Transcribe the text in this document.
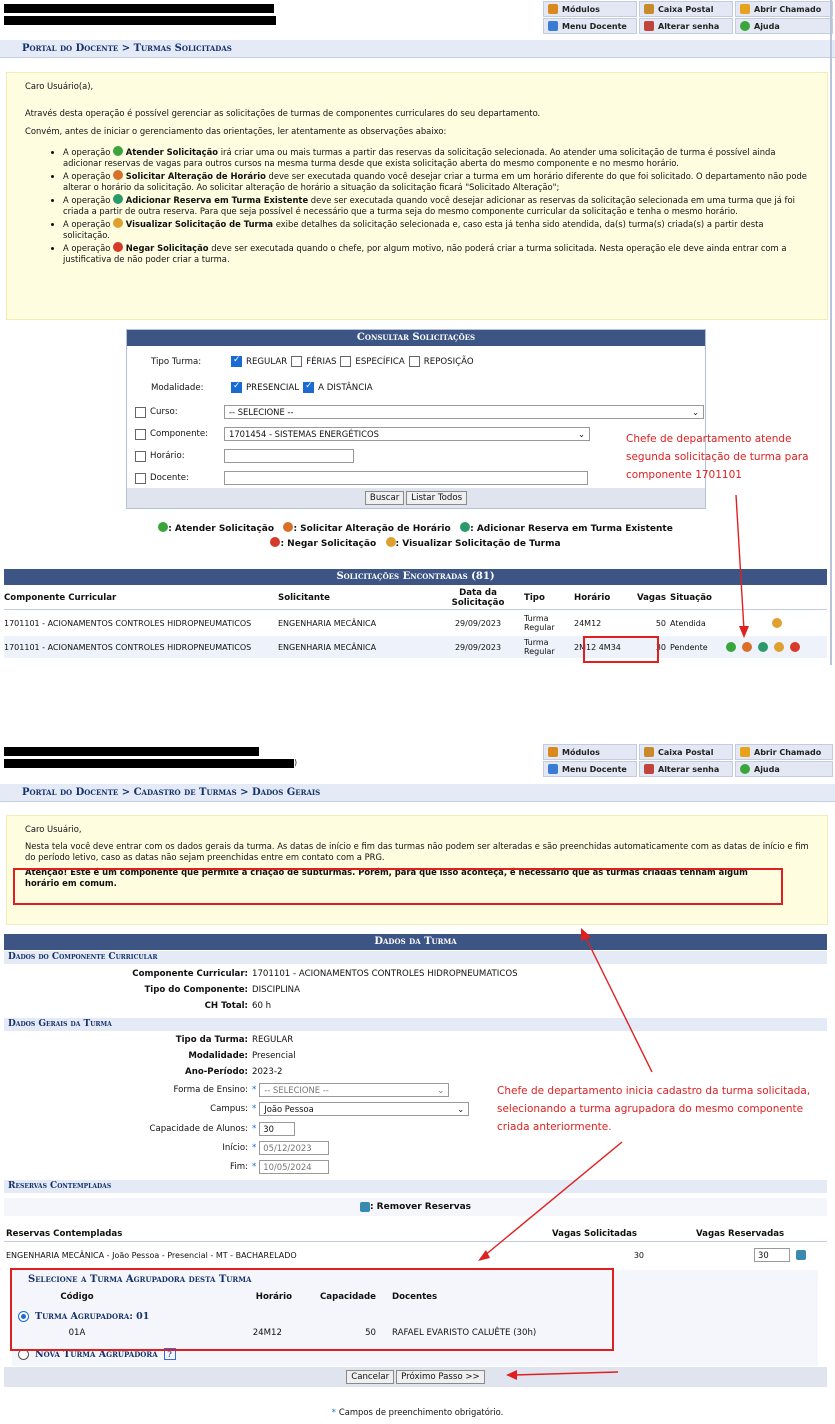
Módulos	Caixa Postal	Abrir Chamado
Menu Docente	Alterar senha	Ajuda
Portal do Docente > Turmas Solicitadas

Caro Usuário(a),

Através desta operação é possível gerenciar as solicitações de turmas de componentes curriculares do seu departamento.

Convém, antes de iniciar o gerenciamento das orientações, ler atentamente as observações abaixo:

• A operação Atender Solicitação irá criar uma ou mais turmas a partir das reservas da solicitação selecionada. Ao atender uma solicitação de turma é possível ainda adicionar reservas de vagas para outros cursos na mesma turma desde que exista solicitação aberta do mesmo componente e no mesmo horário.
• A operação Solicitar Alteração de Horário deve ser executada quando você desejar criar a turma em um horário diferente do que foi solicitado. O departamento não pode alterar o horário da solicitação. Ao solicitar alteração de horário a situação da solicitação ficará "Solicitado Alteração";
• A operação Adicionar Reserva em Turma Existente deve ser executada quando você desejar adicionar as reservas da solicitação selecionada em uma turma que já foi criada a partir de outra reserva. Para que seja possível é necessário que a turma seja do mesmo componente curricular da solicitação e tenha o mesmo horário.
• A operação Visualizar Solicitação de Turma exibe detalhes da solicitação selecionada e, caso esta já tenha sido atendida, da(s) turma(s) criada(s) a partir desta solicitação.
• A operação Negar Solicitação deve ser executada quando o chefe, por algum motivo, não poderá criar a turma solicitada. Nesta operação ele deve ainda entrar com a justificativa de não poder criar a turma.
Consultar Solicitações
Tipo Turma: ✓	REGULAR FÉRIAS ESPECÍFICA REPOSIÇÃO
Modalidade: ✓	PRESENCIAL ✓ A DISTÂNCIA
Curso:	-- SELECIONE --	⌄
Componente:	1701454 - SISTEMAS ENERGÉTICOS	⌄
Horário:
Docente:
Buscar	Listar Todos
: Atender Solicitação : Solicitar Alteração de Horário : Adicionar Reserva em Turma Existente
: Negar Solicitação : Visualizar Solicitação de Turma
Solicitações Encontradas (81)
Componente Curricular	Solicitante	Data da Solicitação	Tipo	Horário	Vagas Situação
1701101 - ACIONAMENTOS CONTROLES HIDROPNEUMATICOS	ENGENHARIA MECÂNICA	29/09/2023	Turma Regular	24M12	50 Atendida
1701101 - ACIONAMENTOS CONTROLES HIDROPNEUMATICOS	ENGENHARIA MECÂNICA	29/09/2023	Turma Regular	2M12 4M34	30 Pendente
Chefe de departamento atende segunda solicitação de turma para componente 1701101
)
Módulos	Caixa Postal	Abrir Chamado
Menu Docente	Alterar senha	Ajuda
Portal do Docente > Cadastro de Turmas > Dados Gerais

Caro Usuário,

Nesta tela você deve entrar com os dados gerais da turma. As datas de início e fim das turmas não podem ser alteradas e são preenchidas automaticamente com as datas de início e fim do período letivo, caso as datas não sejam preenchidas entre em contato com a PRG.

Atenção! Este é um componente que permite a criação de subturmas. Porém, para que isso aconteça, é necessário que as turmas criadas tenham algum horário em comum.

Dados da Turma
Dados do Componente Curricular
Componente Curricular: 1701101 - ACIONAMENTOS CONTROLES HIDROPNEUMATICOS
Tipo do Componente: DISCIPLINA
CH Total: 60 h
Dados Gerais da Turma
Tipo da Turma: REGULAR
Modalidade: Presencial
Ano-Período: 2023-2
Forma de Ensino: * -- SELECIONE --	⌄
Campus: * João Pessoa	⌄
Capacidade de Alunos: * 30
Início: * 05/12/2023
Fim: * 10/05/2024
Reservas Contempladas
: Remover Reservas
Reservas Contempladas	Vagas Solicitadas	Vagas Reservadas
ENGENHARIA MECÂNICA - João Pessoa - Presencial - MT - BACHARELADO	30	30
Selecione a Turma Agrupadora desta Turma
Código	Horário	Capacidade	Docentes
Turma Agrupadora: 01
01A	24M12	50	RAFAEL EVARISTO CALUÊTE (30h)
Nova Turma Agrupadora	?
Cancelar	Próximo Passo >>
* Campos de preenchimento obrigatório.
Chefe de departamento inicia cadastro da turma solicitada, selecionando a turma agrupadora do mesmo componente criada anteriormente.
